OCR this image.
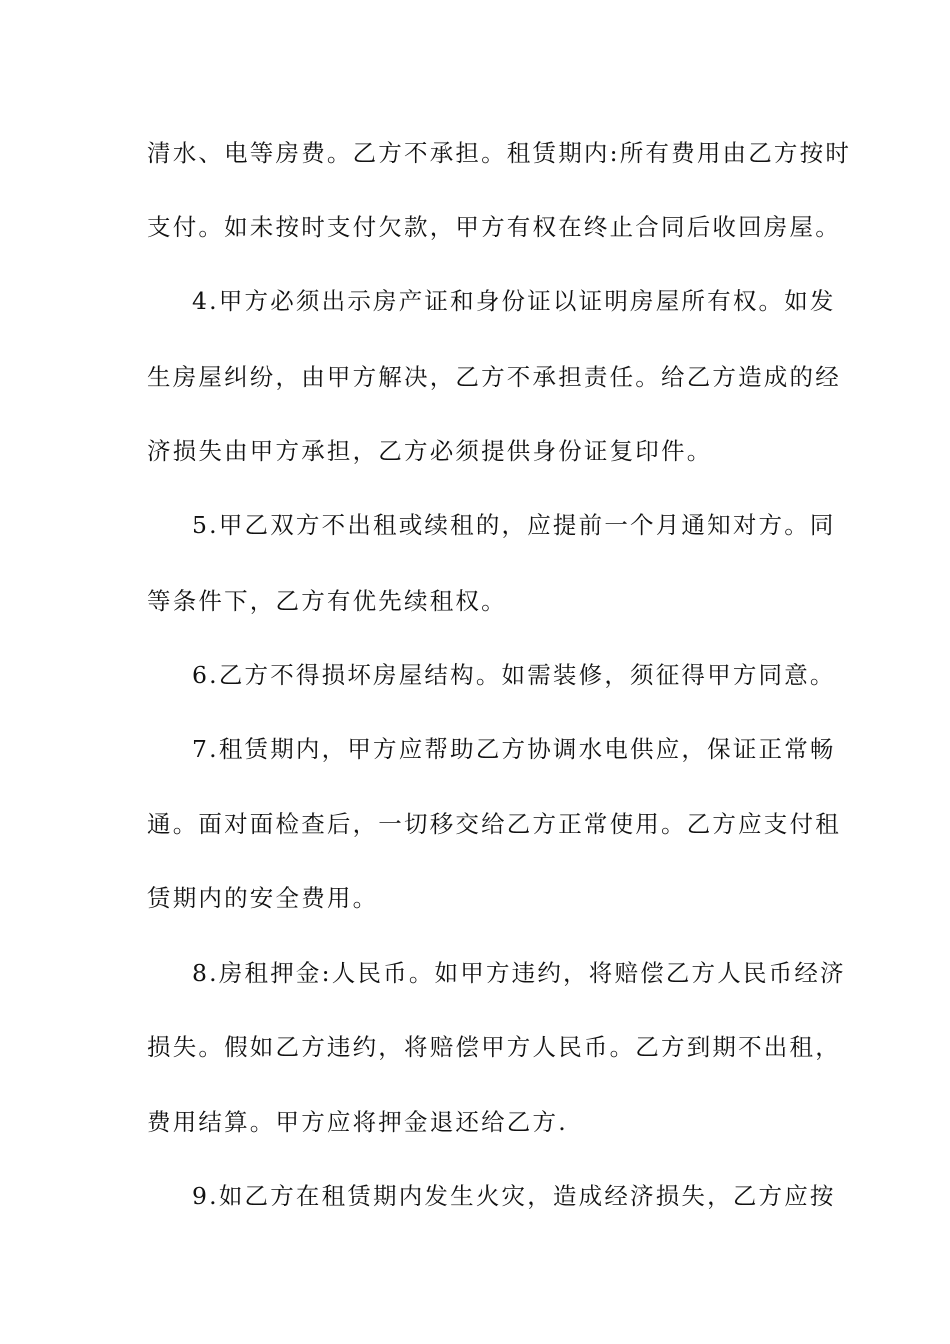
清水、电等房费。乙方不承担。租赁期内:所有费用由乙方按时
支付。如未按时支付欠款，甲方有权在终止合同后收回房屋。
4.甲方必须出示房产证和身份证以证明房屋所有权。如发
生房屋纠纷，由甲方解决，乙方不承担责任。给乙方造成的经
济损失由甲方承担，乙方必须提供身份证复印件。
5.甲乙双方不出租或续租的，应提前一个月通知对方。同
等条件下，乙方有优先续租权。
6.乙方不得损坏房屋结构。如需装修，须征得甲方同意。
7.租赁期内，甲方应帮助乙方协调水电供应，保证正常畅
通。面对面检查后，一切移交给乙方正常使用。乙方应支付租
赁期内的安全费用。
8.房租押金:人民币。如甲方违约，将赔偿乙方人民币经济
损失。假如乙方违约，将赔偿甲方人民币。乙方到期不出租，
费用结算。甲方应将押金退还给乙方.
9.如乙方在租赁期内发生火灾，造成经济损失，乙方应按
